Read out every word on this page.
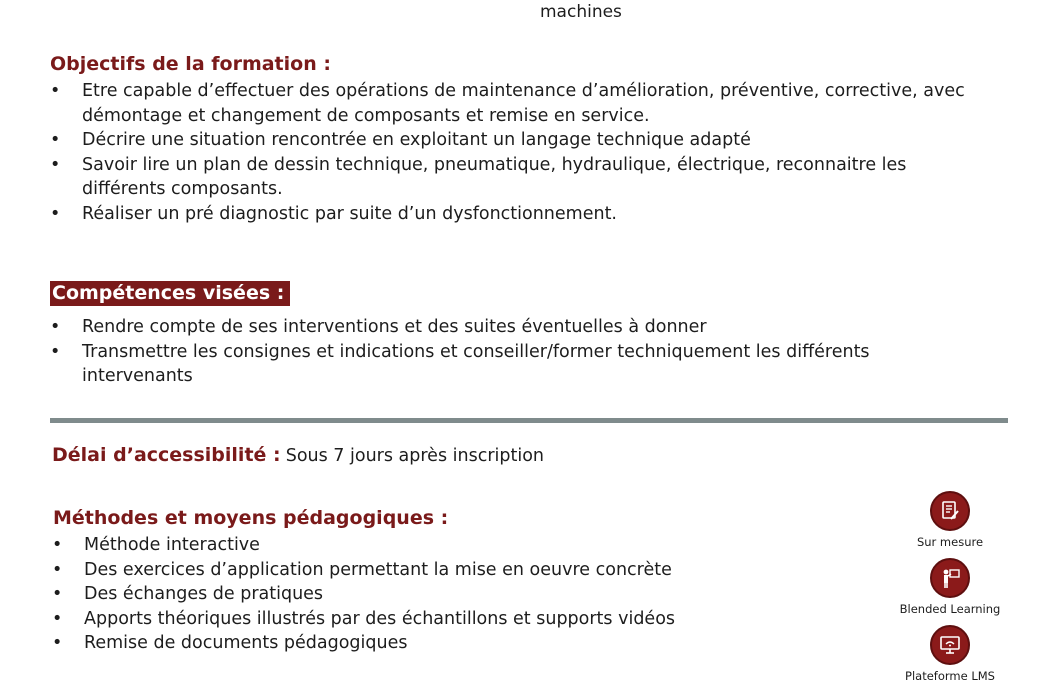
machines
Objectifs de la formation :
• Etre capable d’effectuer des opérations de maintenance d’amélioration, préventive, corrective, avec démontage et changement de composants et remise en service.
• Décrire une situation rencontrée en exploitant un langage technique adapté
• Savoir lire un plan de dessin technique, pneumatique, hydraulique, électrique, reconnaitre les différents composants.
• Réaliser un pré diagnostic par suite d’un dysfonctionnement.
Compétences visées :
• Rendre compte de ses interventions et des suites éventuelles à donner
• Transmettre les consignes et indications et conseiller/former techniquement les différents intervenants
Délai d’accessibilité : Sous 7 jours après inscription
Méthodes et moyens pédagogiques :
• Méthode interactive
• Des exercices d’application permettant la mise en oeuvre concrète
• Des échanges de pratiques
• Apports théoriques illustrés par des échantillons et supports vidéos
• Remise de documents pédagogiques
Sur mesure
Blended Learning
Plateforme LMS
